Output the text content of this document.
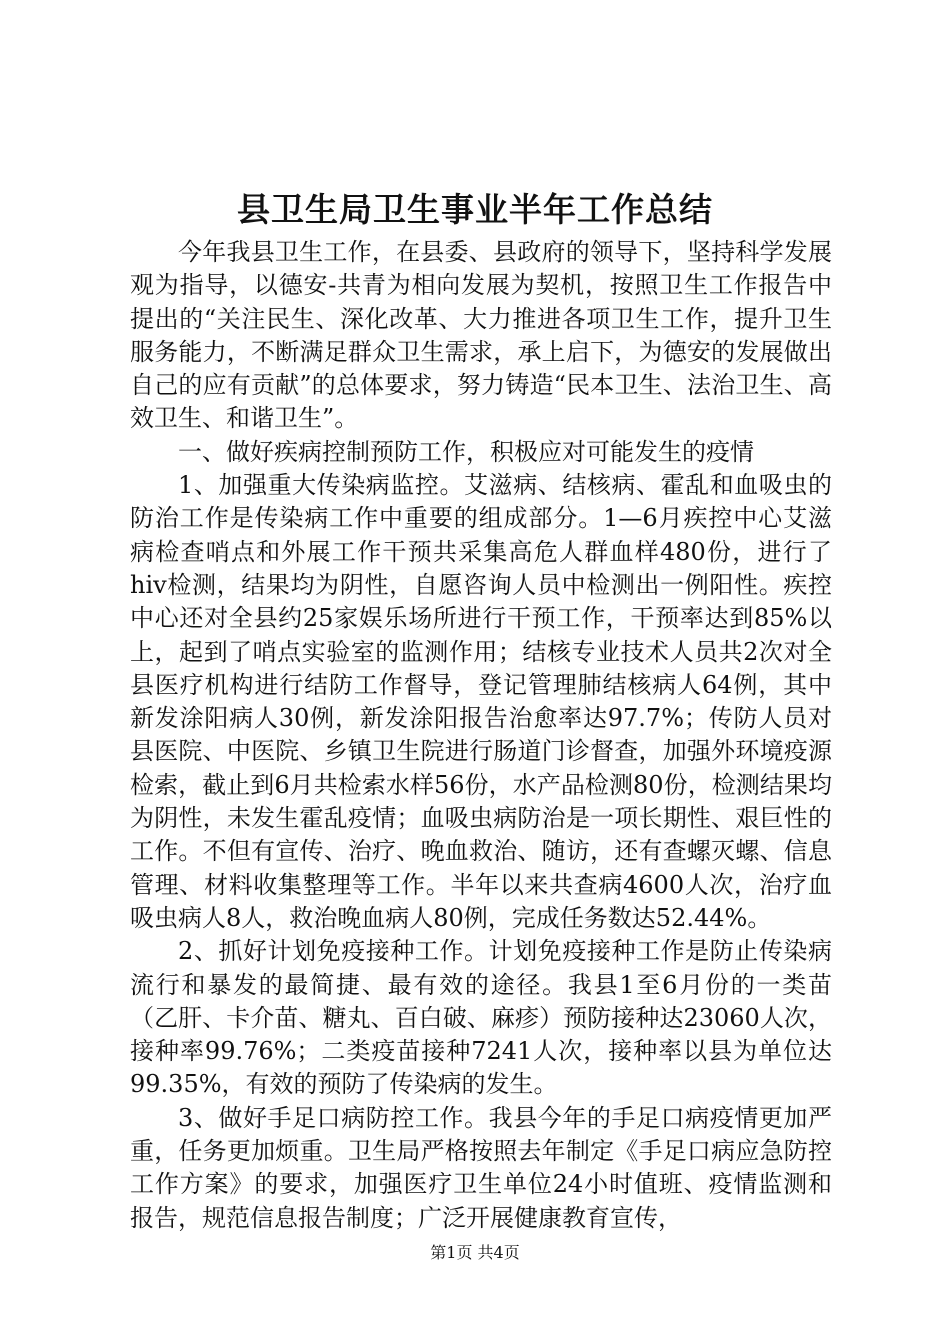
县卫生局卫生事业半年工作总结

今年我县卫生工作，在县委、县政府的领导下，坚持科学发展观为指导，以德安-共青为相向发展为契机，按照卫生工作报告中提出的“关注民生、深化改革、大力推进各项卫生工作，提升卫生服务能力，不断满足群众卫生需求，承上启下，为德安的发展做出自己的应有贡献”的总体要求，努力铸造“民本卫生、法治卫生、高效卫生、和谐卫生”。

一、做好疾病控制预防工作，积极应对可能发生的疫情

1、加强重大传染病监控。艾滋病、结核病、霍乱和血吸虫的防治工作是传染病工作中重要的组成部分。1—6月疾控中心艾滋病检查哨点和外展工作干预共采集高危人群血样480份，进行了hiv检测，结果均为阴性，自愿咨询人员中检测出一例阳性。疾控中心还对全县约25家娱乐场所进行干预工作，干预率达到85%以上，起到了哨点实验室的监测作用；结核专业技术人员共2次对全县医疗机构进行结防工作督导，登记管理肺结核病人64例，其中新发涂阳病人30例，新发涂阳报告治愈率达97.7%；传防人员对县医院、中医院、乡镇卫生院进行肠道门诊督查，加强外环境疫源检索，截止到6月共检索水样56份，水产品检测80份，检测结果均为阴性，未发生霍乱疫情；血吸虫病防治是一项长期性、艰巨性的工作。不但有宣传、治疗、晚血救治、随访，还有查螺灭螺、信息管理、材料收集整理等工作。半年以来共查病4600人次，治疗血吸虫病人8人，救治晚血病人80例，完成任务数达52.44%。

2、抓好计划免疫接种工作。计划免疫接种工作是防止传染病流行和暴发的最简捷、最有效的途径。我县1至6月份的一类苗（乙肝、卡介苗、糖丸、百白破、麻疹）预防接种达23060人次，接种率99.76%；二类疫苗接种7241人次，接种率以县为单位达99.35%，有效的预防了传染病的发生。

3、做好手足口病防控工作。我县今年的手足口病疫情更加严重，任务更加烦重。卫生局严格按照去年制定《手足口病应急防控工作方案》的要求，加强医疗卫生单位24小时值班、疫情监测和报告，规范信息报告制度；广泛开展健康教育宣传，

第1页 共4页
